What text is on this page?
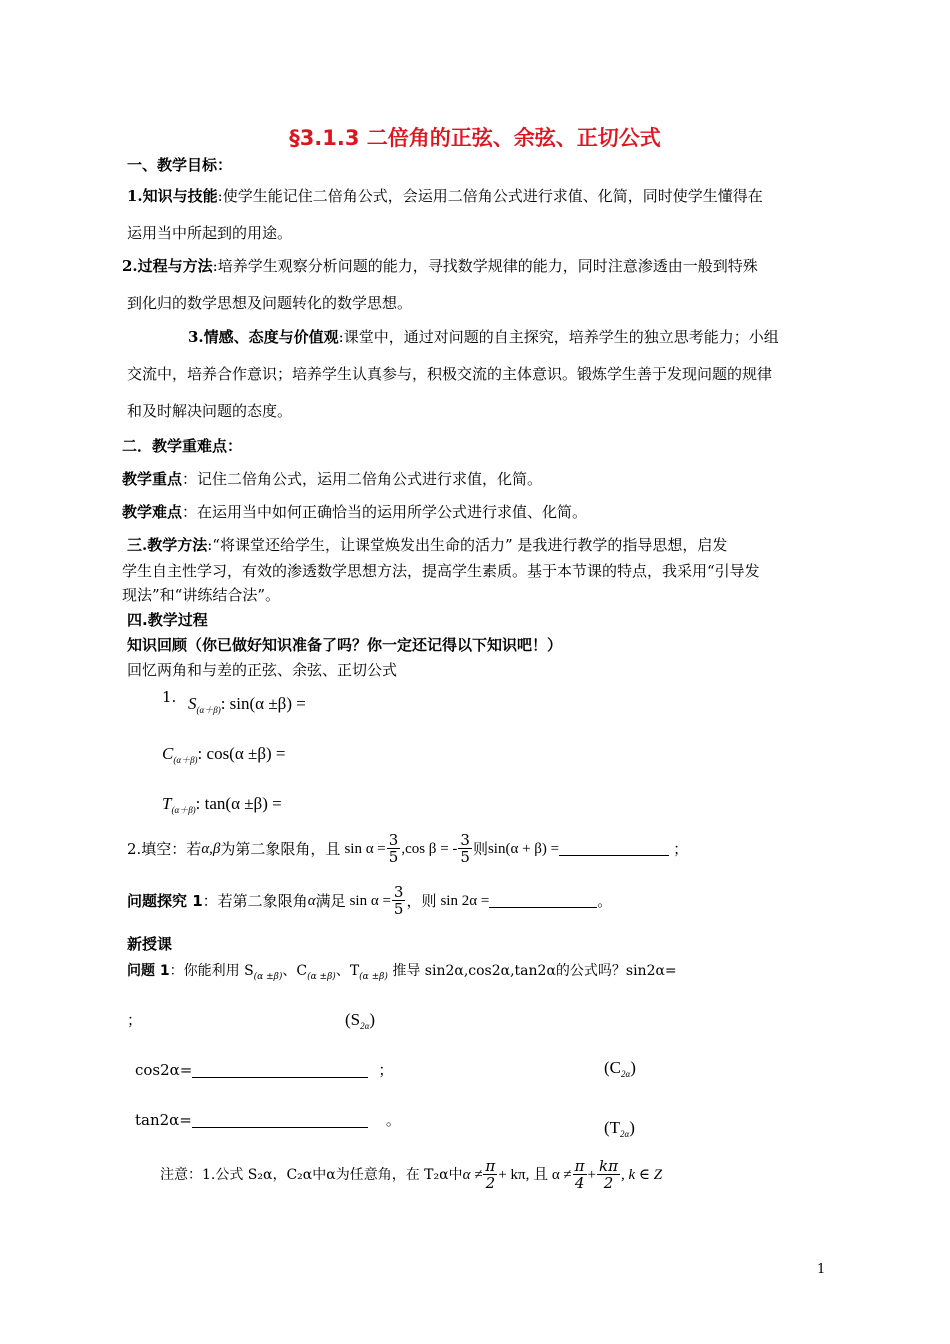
§3.1.3 二倍角的正弦、余弦、正切公式
一、教学目标：
1.知识与技能:使学生能记住二倍角公式，会运用二倍角公式进行求值、化简，同时使学生懂得在
运用当中所起到的用途。
2.过程与方法:培养学生观察分析问题的能力，寻找数学规律的能力，同时注意渗透由一般到特殊
到化归的数学思想及问题转化的数学思想。
3.情感、态度与价值观:课堂中，通过对问题的自主探究，培养学生的独立思考能力；小组
交流中，培养合作意识；培养学生认真参与，积极交流的主体意识。锻炼学生善于发现问题的规律
和及时解决问题的态度。
二．教学重难点：
教学重点：记住二倍角公式，运用二倍角公式进行求值，化简。
教学难点：在运用当中如何正确恰当的运用所学公式进行求值、化简。
三.教学方法:“将课堂还给学生，让课堂焕发出生命的活力” 是我进行教学的指导思想，启发
学生自主性学习，有效的渗透数学思想方法，提高学生素质。基于本节课的特点，我采用“引导发
现法”和“讲练结合法”。
四.教学过程
知识回顾（你已做好知识准备了吗？你一定还记得以下知识吧！）
回忆两角和与差的正弦、余弦、正切公式
1. $S_{(\alpha+\beta)}$: sin(α ±β) =
$C_{(\alpha+\beta)}$: cos(α ±β) =
$T_{(\alpha+\beta)}$: tan(α ±β) =
2.填空：若 α,β 为第二象限角，且 $\sin \alpha = \frac{3}{5} ,\cos$ β = - $\frac{3}{5}$ 则 sin(α + β) =	；
问题探究 1 ：若第二象限角 α 满足 $\sin \alpha = \frac{3}{5}$ ，则 sin 2α =	。
新授课
问题 1：你能利用 $S_{(\alpha \pm\beta)}$、$C_{(\alpha \pm\beta)}$、$T_{(\alpha \pm\beta)}$ 推导 sin2α,cos2α,tan2α的公式吗？sin2α=
；	$(S_{2\alpha})$
cos2α=	；	$(C_{2\alpha})$
tan2α=	。	$(T_{2\alpha})$
注意：1.公式 S₂α，C₂α中α为任意角，在 T₂α中 $\alpha \ne \frac{\pi}{2} + k\pi$, 且 $\alpha \ne \frac{\pi}{4} + \frac{k\pi}{2}$ , k ∈ Z
1
